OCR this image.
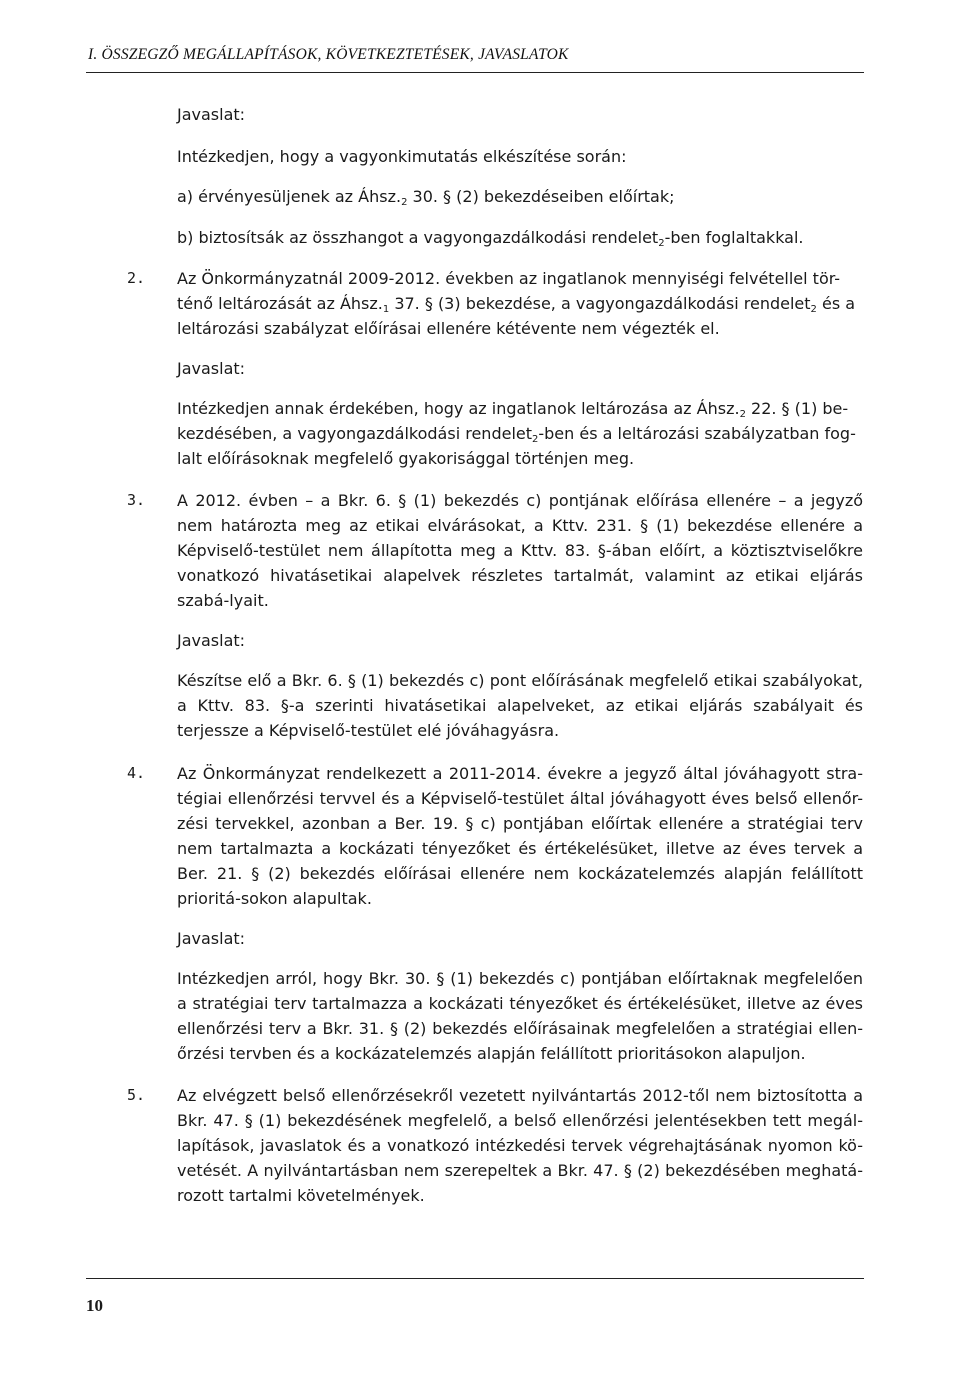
I. ÖSSZEGZŐ MEGÁLLAPÍTÁSOK, KÖVETKEZTETÉSEK, JAVASLATOK

Javaslat:

Intézkedjen, hogy a vagyonkimutatás elkészítése során:

a) érvényesüljenek az $Áhsz._2$ 30. § (2) bekezdéseiben előírtak;

b) biztosítsák az összhangot a vagyongazdálkodási rendelet$_2$-ben foglaltakkal.

2.	Az Önkormányzatnál 2009-2012. években az ingatlanok mennyiségi felvétellel tör-

ténő leltározását az $Áhsz._1$ 37. § (3) bekezdése, a vagyongazdálkodási rendelet$_2$ és a

leltározási szabályzat előírásai ellenére kétévente nem végezték el.

Javaslat:

Intézkedjen annak érdekében, hogy az ingatlanok leltározása az $Áhsz._2$ 22. § (1) be-

kezdésében, a vagyongazdálkodási rendelet$_2$-ben és a leltározási szabályzatban fog-

lalt előírásoknak megfelelő gyakorisággal történjen meg.

3.	A 2012. évben – a Bkr. 6. § (1) bekezdés c) pontjának előírása ellenére – a jegyző nem határozta meg az etikai elvárásokat, a Kttv. 231. § (1) bekezdése ellenére a Képviselő-testület nem állapította meg a Kttv. 83. §-ában előírt, a köztisztviselőkre vonatkozó hivatásetikai alapelvek részletes tartalmát, valamint az etikai eljárás szabá-lyait.

Javaslat:

Készítse elő a Bkr. 6. § (1) bekezdés c) pont előírásának megfelelő etikai szabályokat, a Kttv. 83. §-a szerinti hivatásetikai alapelveket, az etikai eljárás szabályait és terjessze a Képviselő-testület elé jóváhagyásra.

4.	Az Önkormányzat rendelkezett a 2011-2014. évekre a jegyző által jóváhagyott stra-tégiai ellenőrzési tervvel és a Képviselő-testület által jóváhagyott éves belső ellenőr-zési tervekkel, azonban a Ber. 19. § c) pontjában előírtak ellenére a stratégiai terv nem tartalmazta a kockázati tényezőket és értékelésüket, illetve az éves tervek a Ber. 21. § (2) bekezdés előírásai ellenére nem kockázatelemzés alapján felállított prioritá-sokon alapultak.

Javaslat:

Intézkedjen arról, hogy Bkr. 30. § (1) bekezdés c) pontjában előírtaknak megfelelően a stratégiai terv tartalmazza a kockázati tényezőket és értékelésüket, illetve az éves ellenőrzési terv a Bkr. 31. § (2) bekezdés előírásainak megfelelően a stratégiai ellen-őrzési tervben és a kockázatelemzés alapján felállított prioritásokon alapuljon.

5.	Az elvégzett belső ellenőrzésekről vezetett nyilvántartás 2012-től nem biztosította a Bkr. 47. § (1) bekezdésének megfelelő, a belső ellenőrzési jelentésekben tett megál-lapítások, javaslatok és a vonatkozó intézkedési tervek végrehajtásának nyomon kö-vetését. A nyilvántartásban nem szerepeltek a Bkr. 47. § (2) bekezdésében meghatá-rozott tartalmi követelmények.

10
